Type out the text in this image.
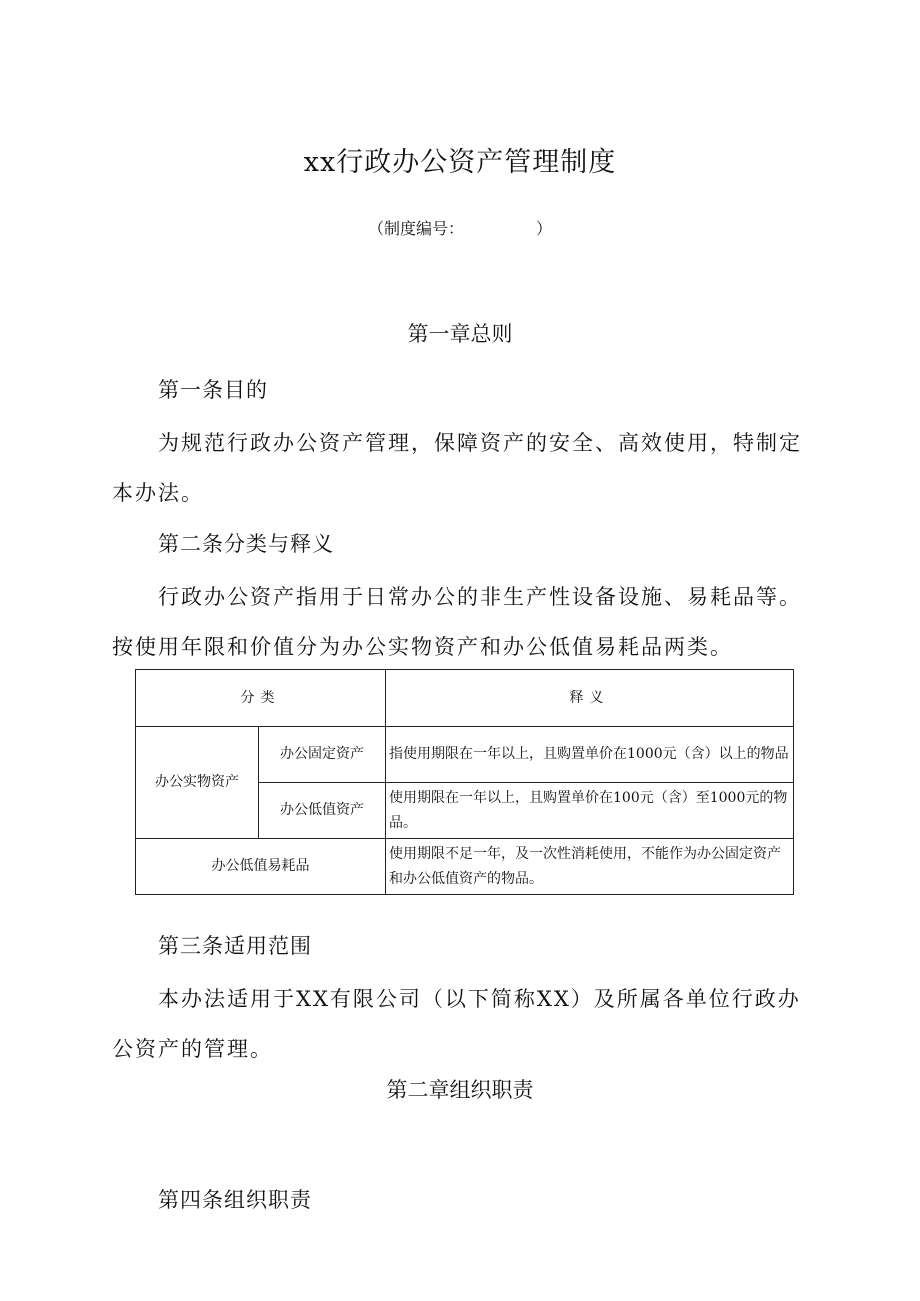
xx行政办公资产管理制度
（制度编号：　　　　　）
第一章总则
第一条目的
为规范行政办公资产管理，保障资产的安全、高效使用，特制定本办法。
第二条分类与释义
行政办公资产指用于日常办公的非生产性设备设施、易耗品等。按使用年限和价值分为办公实物资产和办公低值易耗品两类。
分类		释义
办公实物资产	办公固定资产	指使用期限在一年以上，且购置单价在1000元（含）以上的物品
	办公低值资产	使用期限在一年以上，且购置单价在100元（含）至1000元的物品。
办公低值易耗品		使用期限不足一年，及一次性消耗使用，不能作为办公固定资产和办公低值资产的物品。
第三条适用范围
本办法适用于XX有限公司（以下简称XX）及所属各单位行政办公资产的管理。
第二章组织职责
第四条组织职责
